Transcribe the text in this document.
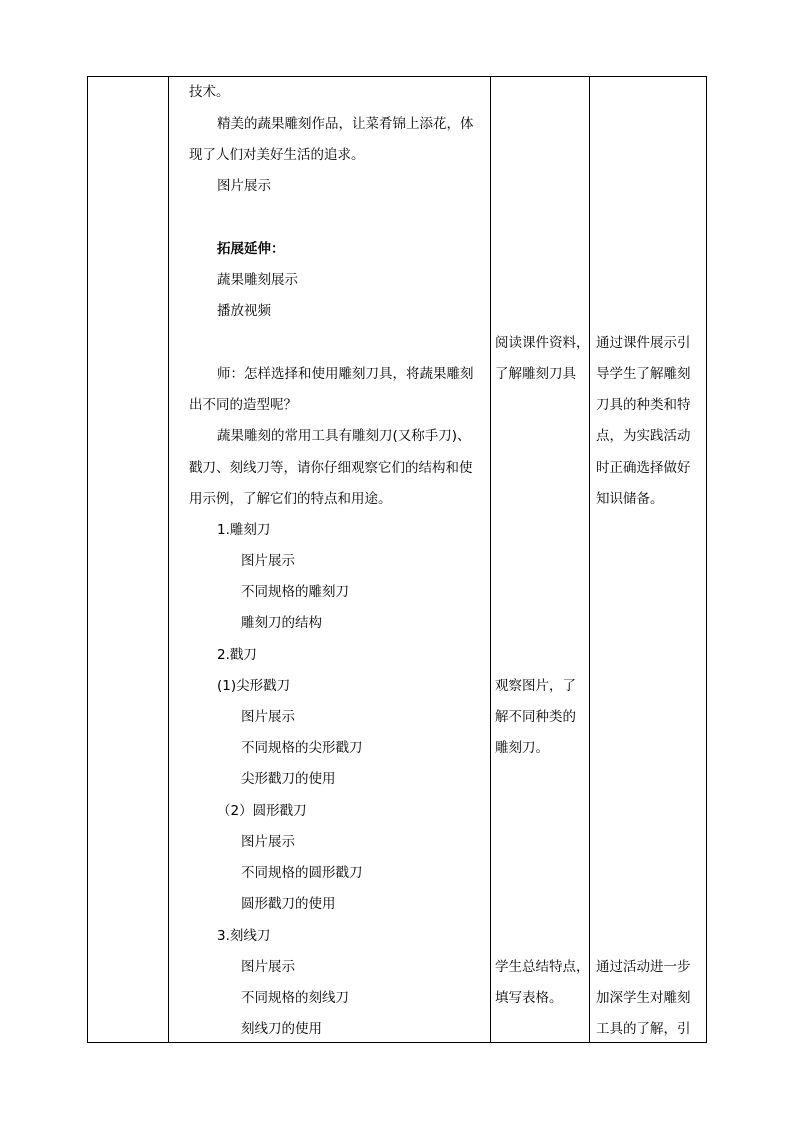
技术。
精美的蔬果雕刻作品，让菜肴锦上添花，体
现了人们对美好生活的追求。
图片展示
拓展延伸：
蔬果雕刻展示
播放视频
师：怎样选择和使用雕刻刀具，将蔬果雕刻
出不同的造型呢？
蔬果雕刻的常用工具有雕刻刀(又称手刀)、
戳刀、刻线刀等，请你仔细观察它们的结构和使
用示例，了解它们的特点和用途。
1.雕刻刀
图片展示
不同规格的雕刻刀
雕刻刀的结构
2.戳刀
(1)尖形戳刀
图片展示
不同规格的尖形戳刀
尖形戳刀的使用
（2）圆形戳刀
图片展示
不同规格的圆形戳刀
圆形戳刀的使用
3.刻线刀
图片展示
不同规格的刻线刀
刻线刀的使用
阅读课件资料，
了解雕刻刀具
观察图片，了
解不同种类的
雕刻刀。
学生总结特点，
填写表格。
通过课件展示引
导学生了解雕刻
刀具的种类和特
点，为实践活动
时正确选择做好
知识储备。
通过活动进一步
加深学生对雕刻
工具的了解，引
